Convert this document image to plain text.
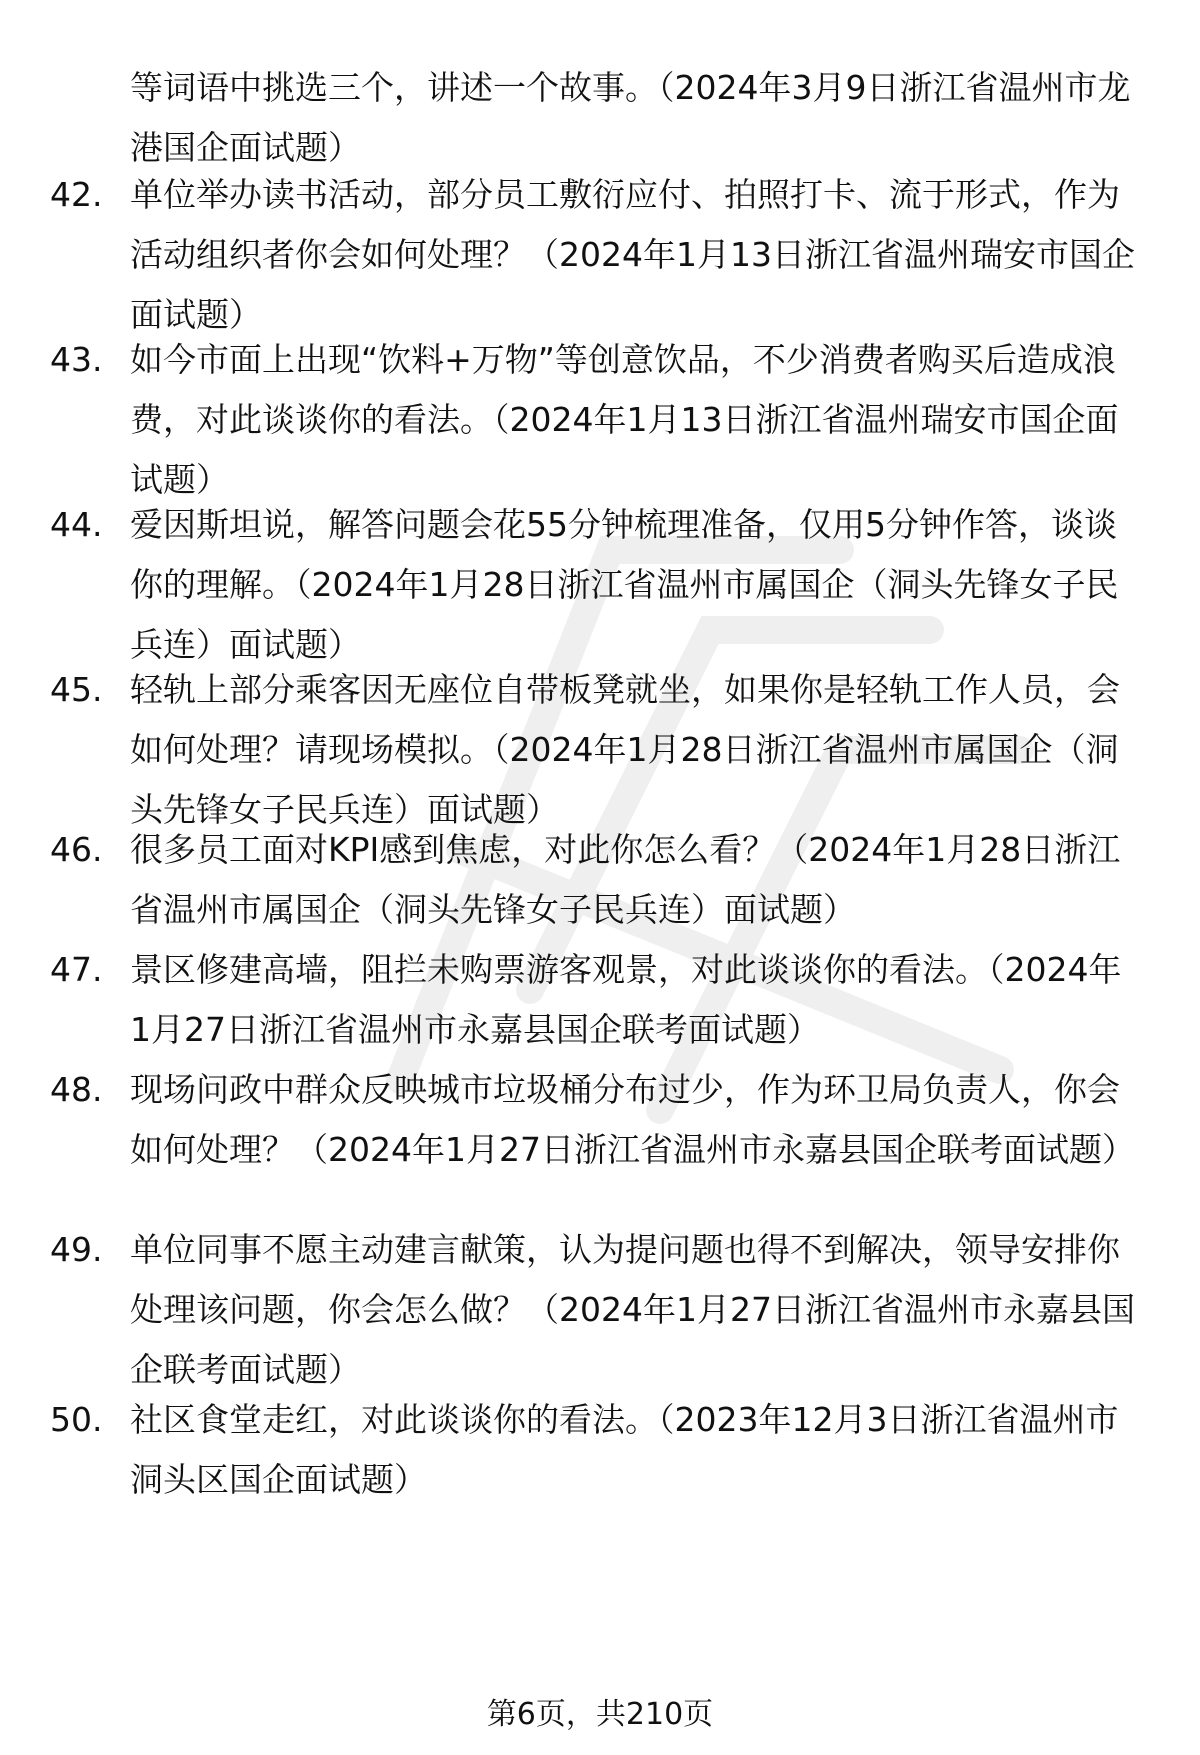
等词语中挑选三个，讲述一个故事。（2024年3月9日浙江省温州市龙港国企面试题）
42. 单位举办读书活动，部分员工敷衍应付、拍照打卡、流于形式，作为活动组织者你会如何处理？（2024年1月13日浙江省温州瑞安市国企面试题）
43. 如今市面上出现“饮料+万物”等创意饮品，不少消费者购买后造成浪费，对此谈谈你的看法。（2024年1月13日浙江省温州瑞安市国企面试题）
44. 爱因斯坦说，解答问题会花55分钟梳理准备，仅用5分钟作答，谈谈你的理解。（2024年1月28日浙江省温州市属国企（洞头先锋女子民兵连）面试题）
45. 轻轨上部分乘客因无座位自带板凳就坐，如果你是轻轨工作人员，会如何处理？请现场模拟。（2024年1月28日浙江省温州市属国企（洞头先锋女子民兵连）面试题）
46. 很多员工面对KPI感到焦虑，对此你怎么看？（2024年1月28日浙江省温州市属国企（洞头先锋女子民兵连）面试题）
47. 景区修建高墙，阻拦未购票游客观景，对此谈谈你的看法。（2024年1月27日浙江省温州市永嘉县国企联考面试题）
48. 现场问政中群众反映城市垃圾桶分布过少，作为环卫局负责人，你会如何处理？（2024年1月27日浙江省温州市永嘉县国企联考面试题）
49. 单位同事不愿主动建言献策，认为提问题也得不到解决，领导安排你处理该问题，你会怎么做？（2024年1月27日浙江省温州市永嘉县国企联考面试题）
50. 社区食堂走红，对此谈谈你的看法。（2023年12月3日浙江省温州市洞头区国企面试题）
第6页，共210页
